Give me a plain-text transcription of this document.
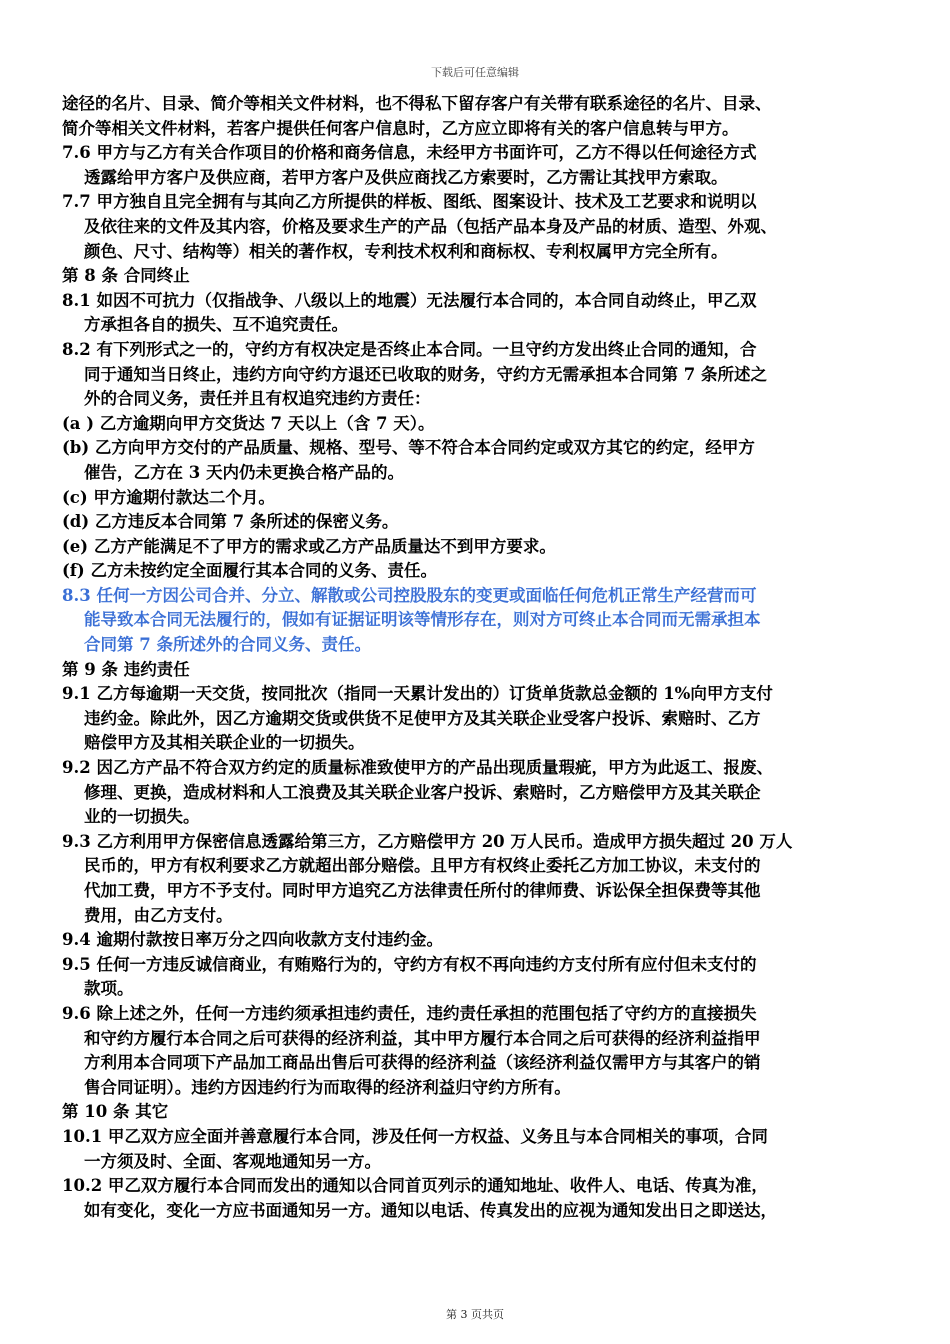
下载后可任意编辑
途径的名片、目录、简介等相关文件材料，也不得私下留存客户有关带有联系途径的名片、目录、
简介等相关文件材料，若客户提供任何客户信息时，乙方应立即将有关的客户信息转与甲方。
7.6 甲方与乙方有关合作项目的价格和商务信息，未经甲方书面许可，乙方不得以任何途径方式
透露给甲方客户及供应商，若甲方客户及供应商找乙方索要时，乙方需让其找甲方索取。
7.7 甲方独自且完全拥有与其向乙方所提供的样板、图纸、图案设计、技术及工艺要求和说明以
及依往来的文件及其内容，价格及要求生产的产品（包括产品本身及产品的材质、造型、外观、
颜色、尺寸、结构等）相关的著作权，专利技术权利和商标权、专利权属甲方完全所有。
第 8 条 合同终止
8.1 如因不可抗力（仅指战争、八级以上的地震）无法履行本合同的，本合同自动终止，甲乙双
方承担各自的损失、互不追究责任。
8.2 有下列形式之一的，守约方有权决定是否终止本合同。一旦守约方发出终止合同的通知，合
同于通知当日终止，违约方向守约方退还已收取的财务，守约方无需承担本合同第 7 条所述之
外的合同义务，责任并且有权追究违约方责任：
(a ) 乙方逾期向甲方交货达 7 天以上（含 7 天）。
(b) 乙方向甲方交付的产品质量、规格、型号、等不符合本合同约定或双方其它的约定，经甲方
催告，乙方在 3 天内仍未更换合格产品的。
(c) 甲方逾期付款达二个月。
(d) 乙方违反本合同第 7 条所述的保密义务。
(e) 乙方产能满足不了甲方的需求或乙方产品质量达不到甲方要求。
(f) 乙方未按约定全面履行其本合同的义务、责任。
8.3 任何一方因公司合并、分立、解散或公司控股股东的变更或面临任何危机正常生产经营而可
能导致本合同无法履行的，假如有证据证明该等情形存在，则对方可终止本合同而无需承担本
合同第 7 条所述外的合同义务、责任。
第 9 条 违约责任
9.1 乙方每逾期一天交货，按同批次（指同一天累计发出的）订货单货款总金额的 1%向甲方支付
违约金。除此外，因乙方逾期交货或供货不足使甲方及其关联企业受客户投诉、索赔时、乙方
赔偿甲方及其相关联企业的一切损失。
9.2 因乙方产品不符合双方约定的质量标准致使甲方的产品出现质量瑕疵，甲方为此返工、报废、
修理、更换，造成材料和人工浪费及其关联企业客户投诉、索赔时，乙方赔偿甲方及其关联企
业的一切损失。
9.3 乙方利用甲方保密信息透露给第三方，乙方赔偿甲方 20 万人民币。造成甲方损失超过 20 万人
民币的，甲方有权利要求乙方就超出部分赔偿。且甲方有权终止委托乙方加工协议，未支付的
代加工费，甲方不予支付。同时甲方追究乙方法律责任所付的律师费、诉讼保全担保费等其他
费用，由乙方支付。
9.4 逾期付款按日率万分之四向收款方支付违约金。
9.5 任何一方违反诚信商业，有贿赂行为的，守约方有权不再向违约方支付所有应付但未支付的
款项。
9.6 除上述之外，任何一方违约须承担违约责任，违约责任承担的范围包括了守约方的直接损失
和守约方履行本合同之后可获得的经济利益，其中甲方履行本合同之后可获得的经济利益指甲
方利用本合同项下产品加工商品出售后可获得的经济利益（该经济利益仅需甲方与其客户的销
售合同证明）。违约方因违约行为而取得的经济利益归守约方所有。
第 10 条 其它
10.1 甲乙双方应全面并善意履行本合同，涉及任何一方权益、义务且与本合同相关的事项，合同
一方须及时、全面、客观地通知另一方。
10.2 甲乙双方履行本合同而发出的通知以合同首页列示的通知地址、收件人、电话、传真为准，
如有变化，变化一方应书面通知另一方。通知以电话、传真发出的应视为通知发出日之即送达，
第 3 页共页
